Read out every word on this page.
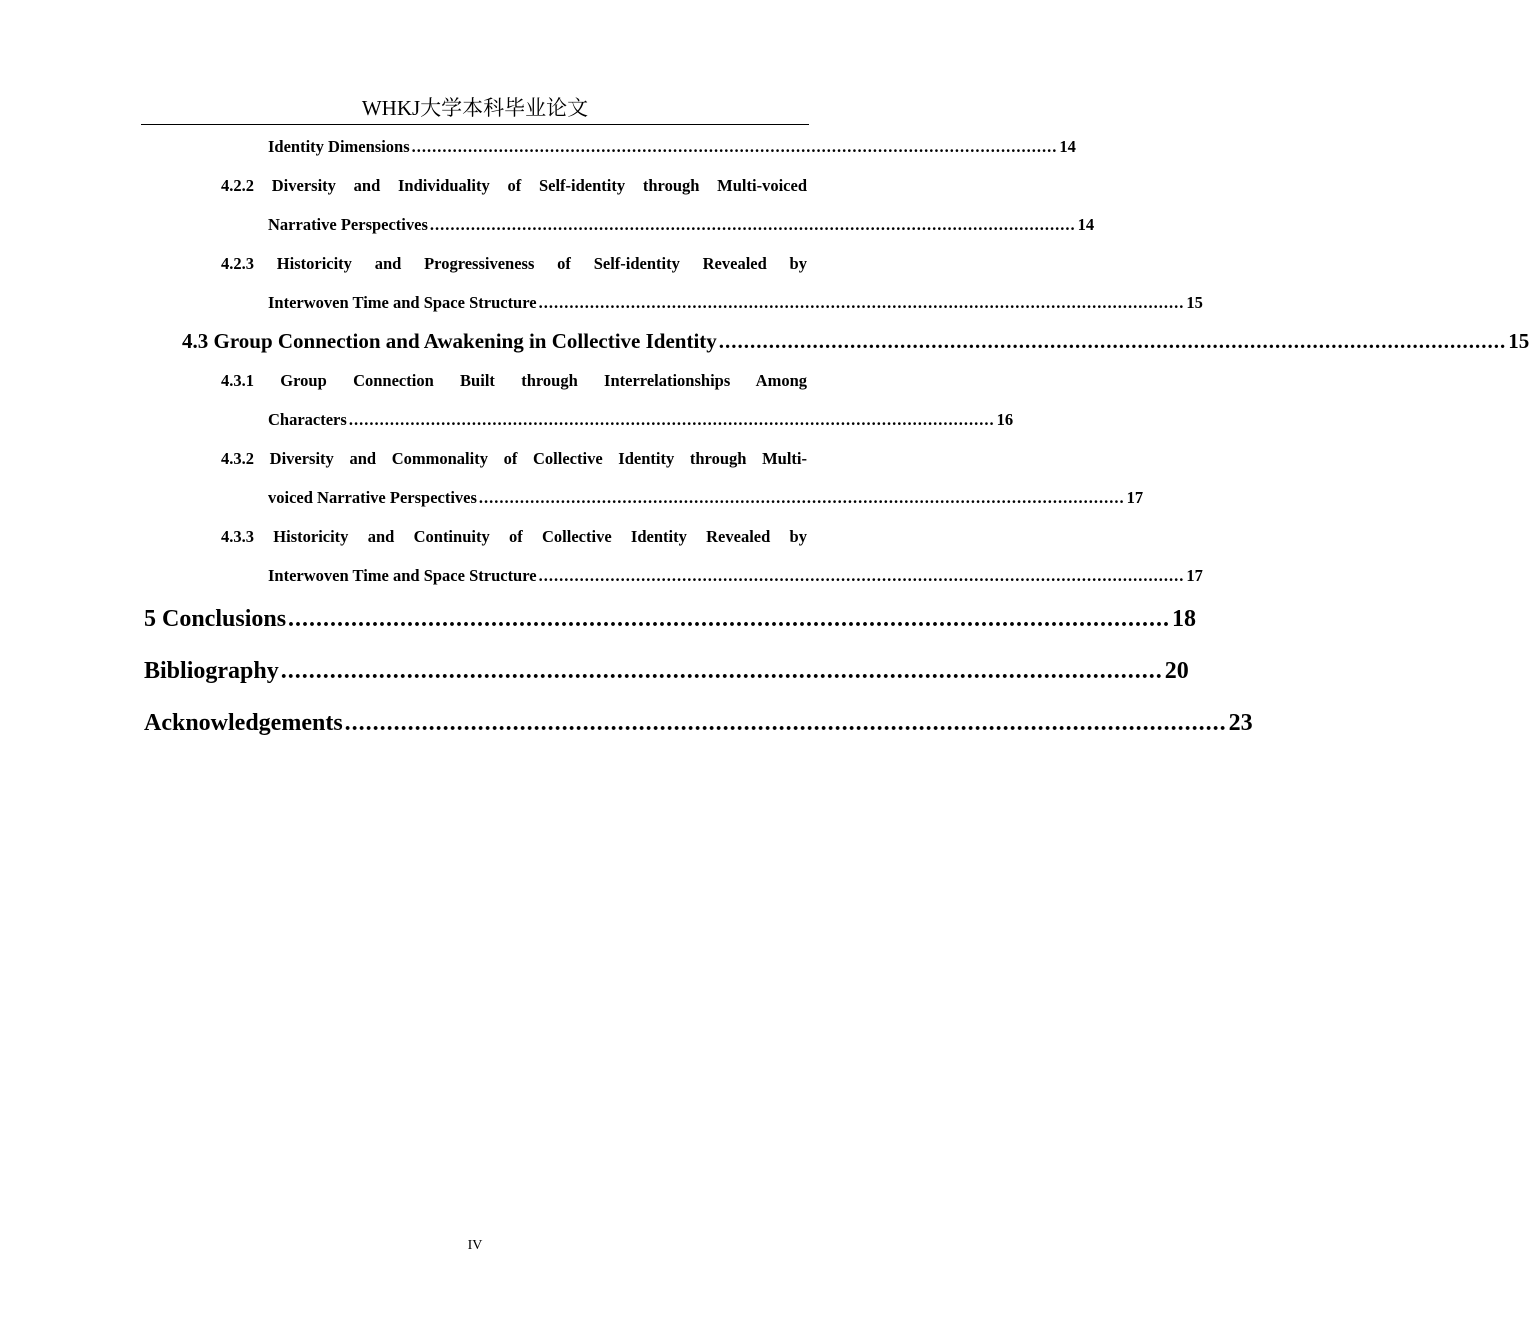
WHKJ大学本科毕业论文
Identity Dimensions .............................................................................................................................. 14
4.2.2 Diversity and Individuality of Self-identity through Multi-voiced
Narrative Perspectives .............................................................................................................................. 14
4.2.3 Historicity and Progressiveness of Self-identity Revealed by
Interwoven Time and Space Structure .............................................................................................................................. 15
4.3 Group Connection and Awakening in Collective Identity .............................................................................................................................. 15
4.3.1 Group Connection Built through Interrelationships Among
Characters .............................................................................................................................. 16
4.3.2 Diversity and Commonality of Collective Identity through Multi-
voiced Narrative Perspectives .............................................................................................................................. 17
4.3.3 Historicity and Continuity of Collective Identity Revealed by
Interwoven Time and Space Structure .............................................................................................................................. 17
5 Conclusions .............................................................................................................................. 18
Bibliography .............................................................................................................................. 20
Acknowledgements .............................................................................................................................. 23
IV
